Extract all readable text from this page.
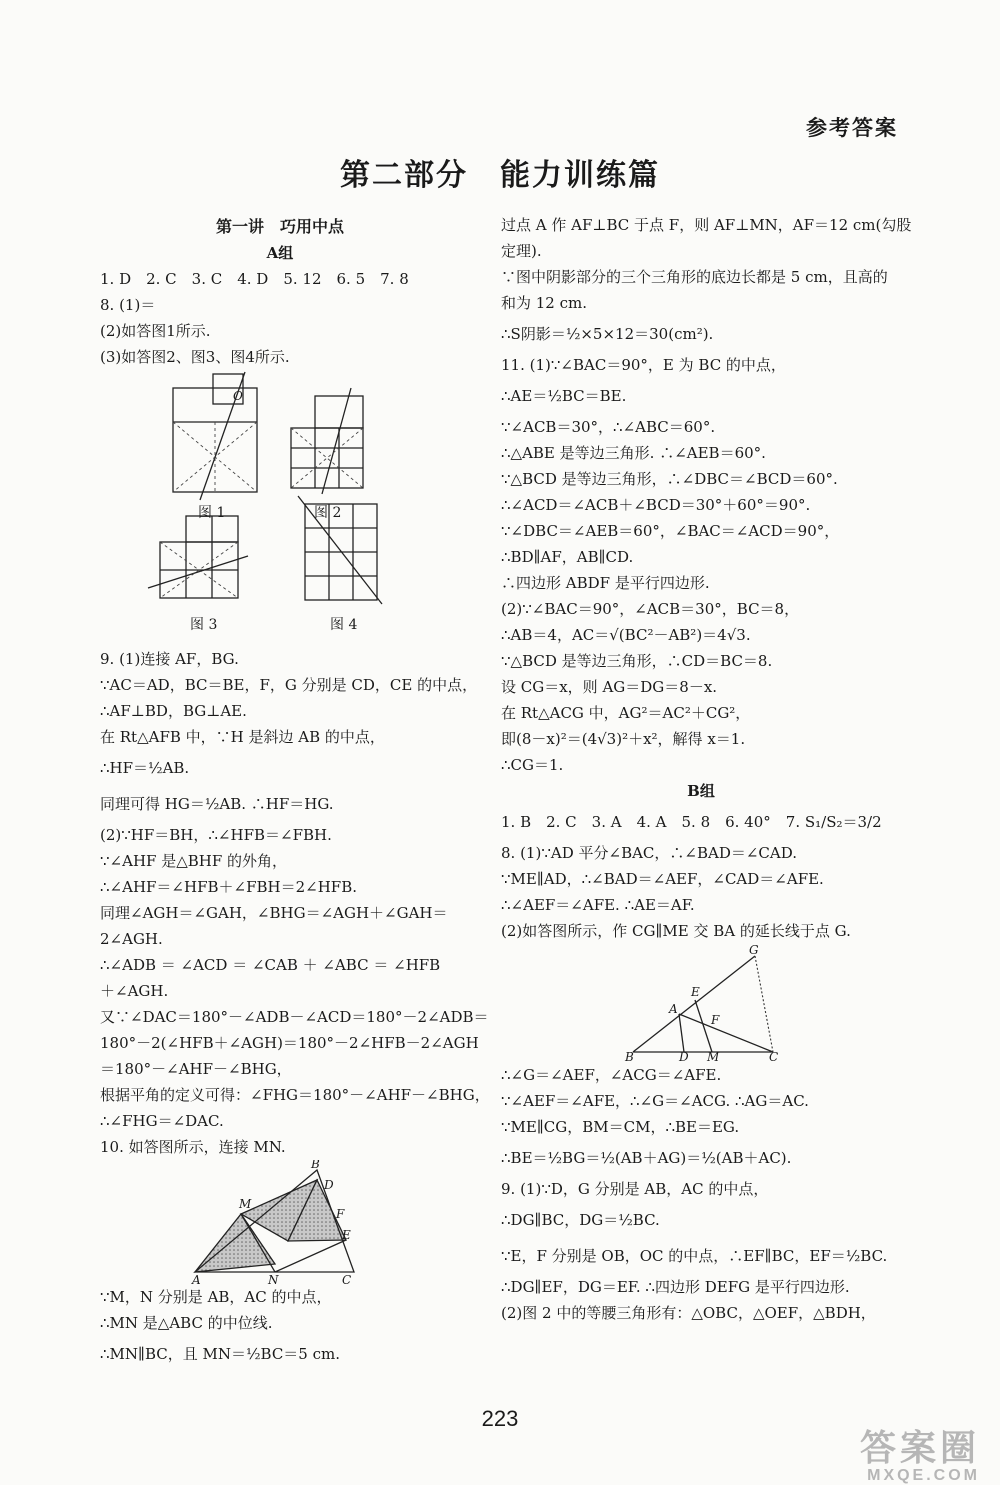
参考答案
第二部分　能力训练篇
第一讲　巧用中点
A组
1. D　2. C　3. C　4. D　5. 12　6. 5　7. 8
8. (1)＝
(2)如答图1所示.
(3)如答图2、图3、图4所示.
O
图 1	图 2
图 3	图 4
9. (1)连接 AF，BG.
∵AC＝AD，BC＝BE，F，G 分别是 CD，CE 的中点，
∴AF⊥BD，BG⊥AE.
在 Rt△AFB 中，∵H 是斜边 AB 的中点，
∴HF＝½AB.
同理可得 HG＝½AB. ∴HF＝HG.
(2)∵HF＝BH，∴∠HFB＝∠FBH.
∵∠AHF 是△BHF 的外角，
∴∠AHF＝∠HFB＋∠FBH＝2∠HFB.
同理∠AGH＝∠GAH，∠BHG＝∠AGH＋∠GAH＝
2∠AGH.
∴∠ADB ＝ ∠ACD ＝ ∠CAB ＋ ∠ABC ＝ ∠HFB
＋∠AGH.
又∵∠DAC＝180°－∠ADB－∠ACD＝180°－2∠ADB＝
180°－2(∠HFB＋∠AGH)＝180°－2∠HFB－2∠AGH
＝180°－∠AHF－∠BHG，
根据平角的定义可得：∠FHG＝180°－∠AHF－∠BHG，
∴∠FHG＝∠DAC.
10. 如答图所示，连接 MN.
B
D
M
F
E
A	N	C
∵M，N 分别是 AB，AC 的中点，
∴MN 是△ABC 的中位线.
∴MN∥BC，且 MN＝½BC＝5 cm.
过点 A 作 AF⊥BC 于点 F，则 AF⊥MN，AF＝12 cm(勾股
定理).
∵图中阴影部分的三个三角形的底边长都是 5 cm，且高的
和为 12 cm.
∴S阴影＝½×5×12＝30(cm²).
11. (1)∵∠BAC＝90°，E 为 BC 的中点，
∴AE＝½BC＝BE.
∵∠ACB＝30°，∴∠ABC＝60°.
∴△ABE 是等边三角形. ∴∠AEB＝60°.
∵△BCD 是等边三角形，∴∠DBC＝∠BCD＝60°.
∴∠ACD＝∠ACB＋∠BCD＝30°＋60°＝90°.
∵∠DBC＝∠AEB＝60°，∠BAC＝∠ACD＝90°，
∴BD∥AF，AB∥CD.
∴四边形 ABDF 是平行四边形.
(2)∵∠BAC＝90°，∠ACB＝30°，BC＝8，
∴AB＝4，AC＝√(BC²－AB²)＝4√3.
∵△BCD 是等边三角形，∴CD＝BC＝8.
设 CG＝x，则 AG＝DG＝8－x.
在 Rt△ACG 中，AG²＝AC²＋CG²，
即(8－x)²＝(4√3)²＋x²，解得 x＝1.
∴CG＝1.
B组
1. B　2. C　3. A　4. A　5. 8　6. 40°　7. S₁/S₂＝3/2
8. (1)∵AD 平分∠BAC，∴∠BAD＝∠CAD.
∵ME∥AD，∴∠BAD＝∠AEF，∠CAD＝∠AFE.
∴∠AEF＝∠AFE. ∴AE＝AF.
(2)如答图所示，作 CG∥ME 交 BA 的延长线于点 G.
G
E
A
F
B	D M	C
∴∠G＝∠AEF，∠ACG＝∠AFE.
∵∠AEF＝∠AFE，∴∠G＝∠ACG. ∴AG＝AC.
∵ME∥CG，BM＝CM，∴BE＝EG.
∴BE＝½BG＝½(AB＋AG)＝½(AB＋AC).
9. (1)∵D，G 分别是 AB，AC 的中点，
∴DG∥BC，DG＝½BC.
∵E，F 分别是 OB，OC 的中点，∴EF∥BC，EF＝½BC.
∴DG∥EF，DG＝EF. ∴四边形 DEFG 是平行四边形.
(2)图 2 中的等腰三角形有：△OBC，△OEF，△BDH，
223
答案圈
MXQE.COM
